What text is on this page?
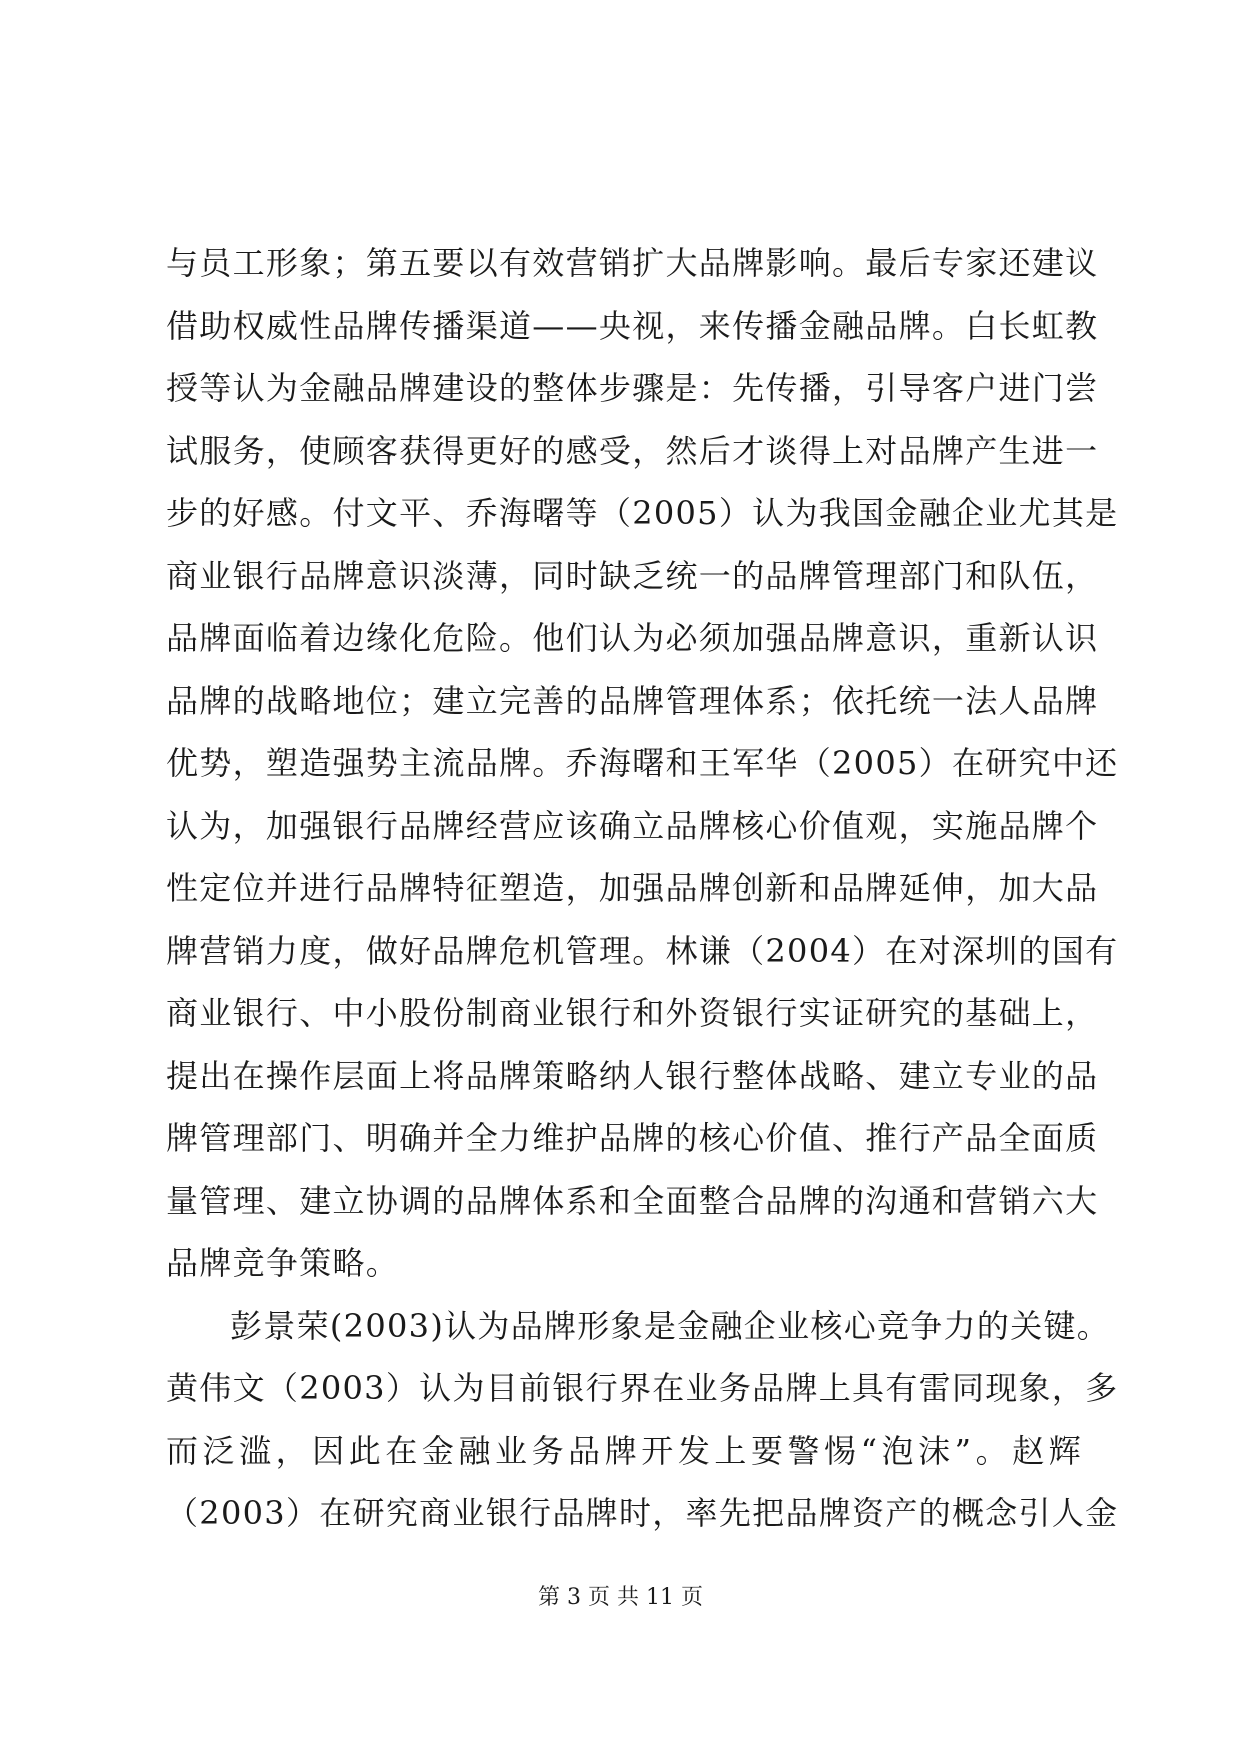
与员工形象；第五要以有效营销扩大品牌影响。最后专家还建议
借助权威性品牌传播渠道——央视，来传播金融品牌。白长虹教
授等认为金融品牌建设的整体步骤是：先传播，引导客户进门尝
试服务，使顾客获得更好的感受，然后才谈得上对品牌产生进一
步的好感。付文平、乔海曙等（2005）认为我国金融企业尤其是
商业银行品牌意识淡薄，同时缺乏统一的品牌管理部门和队伍，
品牌面临着边缘化危险。他们认为必须加强品牌意识，重新认识
品牌的战略地位；建立完善的品牌管理体系；依托统一法人品牌
优势，塑造强势主流品牌。乔海曙和王军华（2005）在研究中还
认为，加强银行品牌经营应该确立品牌核心价值观，实施品牌个
性定位并进行品牌特征塑造，加强品牌创新和品牌延伸，加大品
牌营销力度，做好品牌危机管理。林谦（2004）在对深圳的国有
商业银行、中小股份制商业银行和外资银行实证研究的基础上，
提出在操作层面上将品牌策略纳人银行整体战略、建立专业的品
牌管理部门、明确并全力维护品牌的核心价值、推行产品全面质
量管理、建立协调的品牌体系和全面整合品牌的沟通和营销六大
品牌竞争策略。
彭景荣(2003)认为品牌形象是金融企业核心竞争力的关键。
黄伟文（2003）认为目前银行界在业务品牌上具有雷同现象，多
而泛滥，因此在金融业务品牌开发上要警惕“泡沫”。赵辉
（2003）在研究商业银行品牌时，率先把品牌资产的概念引人金
第 3 页 共 11 页
